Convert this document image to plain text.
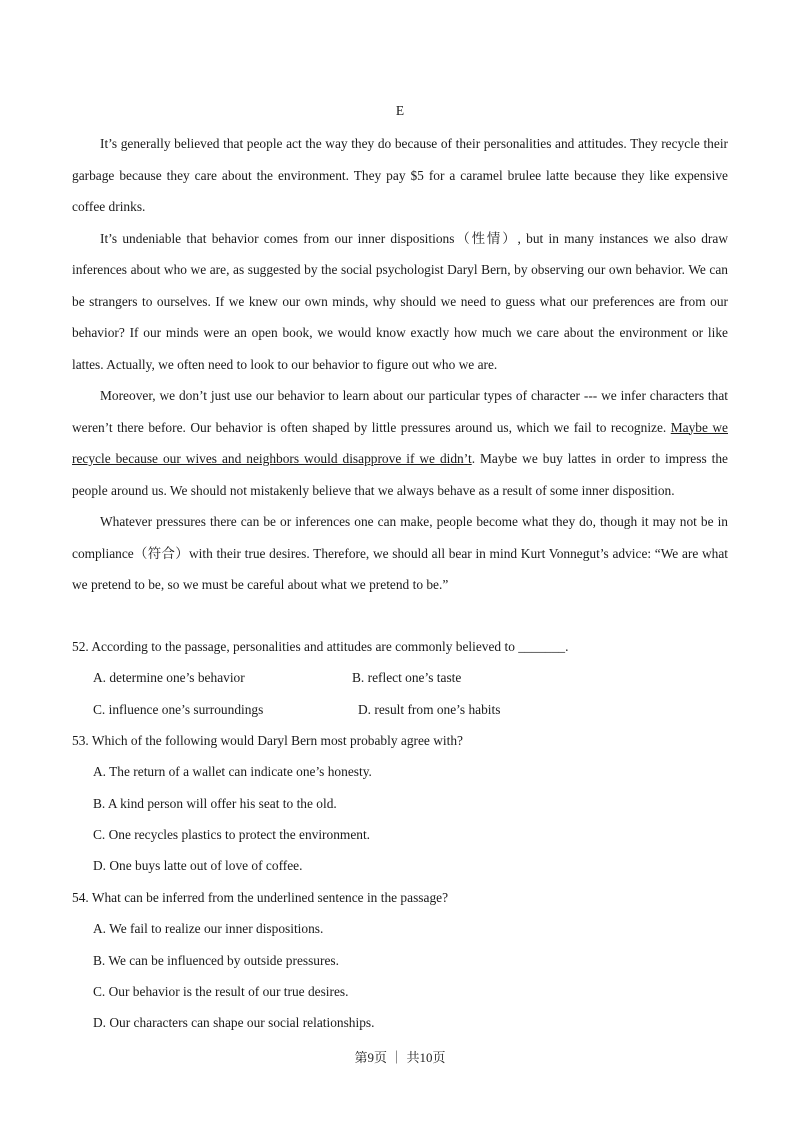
E

It’s generally believed that people act the way they do because of their personalities and attitudes. They recycle their garbage because they care about the environment. They pay $5 for a caramel brulee latte because they like expensive coffee drinks.

It’s undeniable that behavior comes from our inner dispositions（性情）, but in many instances we also draw inferences about who we are, as suggested by the social psychologist Daryl Bern, by observing our own behavior. We can be strangers to ourselves. If we knew our own minds, why should we need to guess what our preferences are from our behavior? If our minds were an open book, we would know exactly how much we care about the environment or like lattes. Actually, we often need to look to our behavior to figure out who we are.

Moreover, we don’t just use our behavior to learn about our particular types of character --- we infer characters that weren’t there before. Our behavior is often shaped by little pressures around us, which we fail to recognize. Maybe we recycle because our wives and neighbors would disapprove if we didn’t. Maybe we buy lattes in order to impress the people around us. We should not mistakenly believe that we always behave as a result of some inner disposition.

Whatever pressures there can be or inferences one can make, people become what they do, though it may not be in compliance（符合）with their true desires. Therefore, we should all bear in mind Kurt Vonnegut’s advice: “We are what we pretend to be, so we must be careful about what we pretend to be.”

52. According to the passage, personalities and attitudes are commonly believed to _______.

A. determine one’s behavior	B. reflect one’s taste
C. influence one’s surroundings	D. result from one’s habits

53. Which of the following would Daryl Bern most probably agree with?

A. The return of a wallet can indicate one’s honesty.

B. A kind person will offer his seat to the old.

C. One recycles plastics to protect the environment.

D. One buys latte out of love of coffee.

54. What can be inferred from the underlined sentence in the passage?

A. We fail to realize our inner dispositions.

B. We can be influenced by outside pressures.

C. Our behavior is the result of our true desires.

D. Our characters can shape our social relationships.

第9页 ｜ 共10页
